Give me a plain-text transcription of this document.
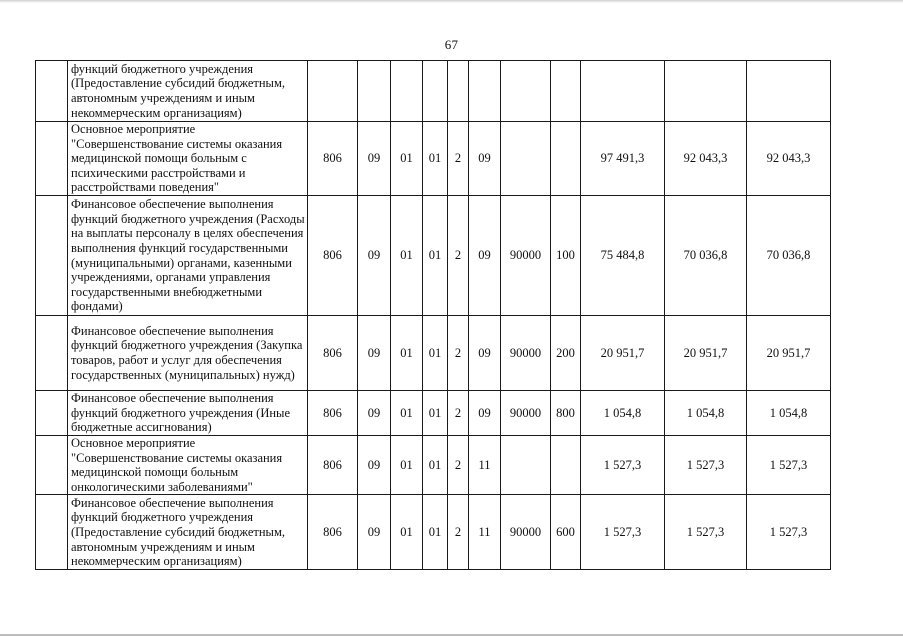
67
	функций бюджетного учреждения (Предоставление субсидий бюджетным, автономным учреждениям и иным некоммерческим организациям)											
	Основное мероприятие "Совершенствование системы оказания медицинской помощи больным с психическими расстройствами и расстройствами поведения"	806	09	01	01	2	09			97 491,3	92 043,3	92 043,3
	Финансовое обеспечение выполнения функций бюджетного учреждения (Расходы на выплаты персоналу в целях обеспечения выполнения функций государственными (муниципальными) органами, казенными учреждениями, органами управления государственными внебюджетными фондами)	806	09	01	01	2	09	90000	100	75 484,8	70 036,8	70 036,8
	Финансовое обеспечение выполнения функций бюджетного учреждения (Закупка товаров, работ и услуг для обеспечения государственных (муниципальных) нужд)	806	09	01	01	2	09	90000	200	20 951,7	20 951,7	20 951,7
	Финансовое обеспечение выполнения функций бюджетного учреждения (Иные бюджетные ассигнования)	806	09	01	01	2	09	90000	800	1 054,8	1 054,8	1 054,8
	Основное мероприятие "Совершенствование системы оказания медицинской помощи больным онкологическими заболеваниями"	806	09	01	01	2	11			1 527,3	1 527,3	1 527,3
	Финансовое обеспечение выполнения функций бюджетного учреждения (Предоставление субсидий бюджетным, автономным учреждениям и иным некоммерческим организациям)	806	09	01	01	2	11	90000	600	1 527,3	1 527,3	1 527,3
